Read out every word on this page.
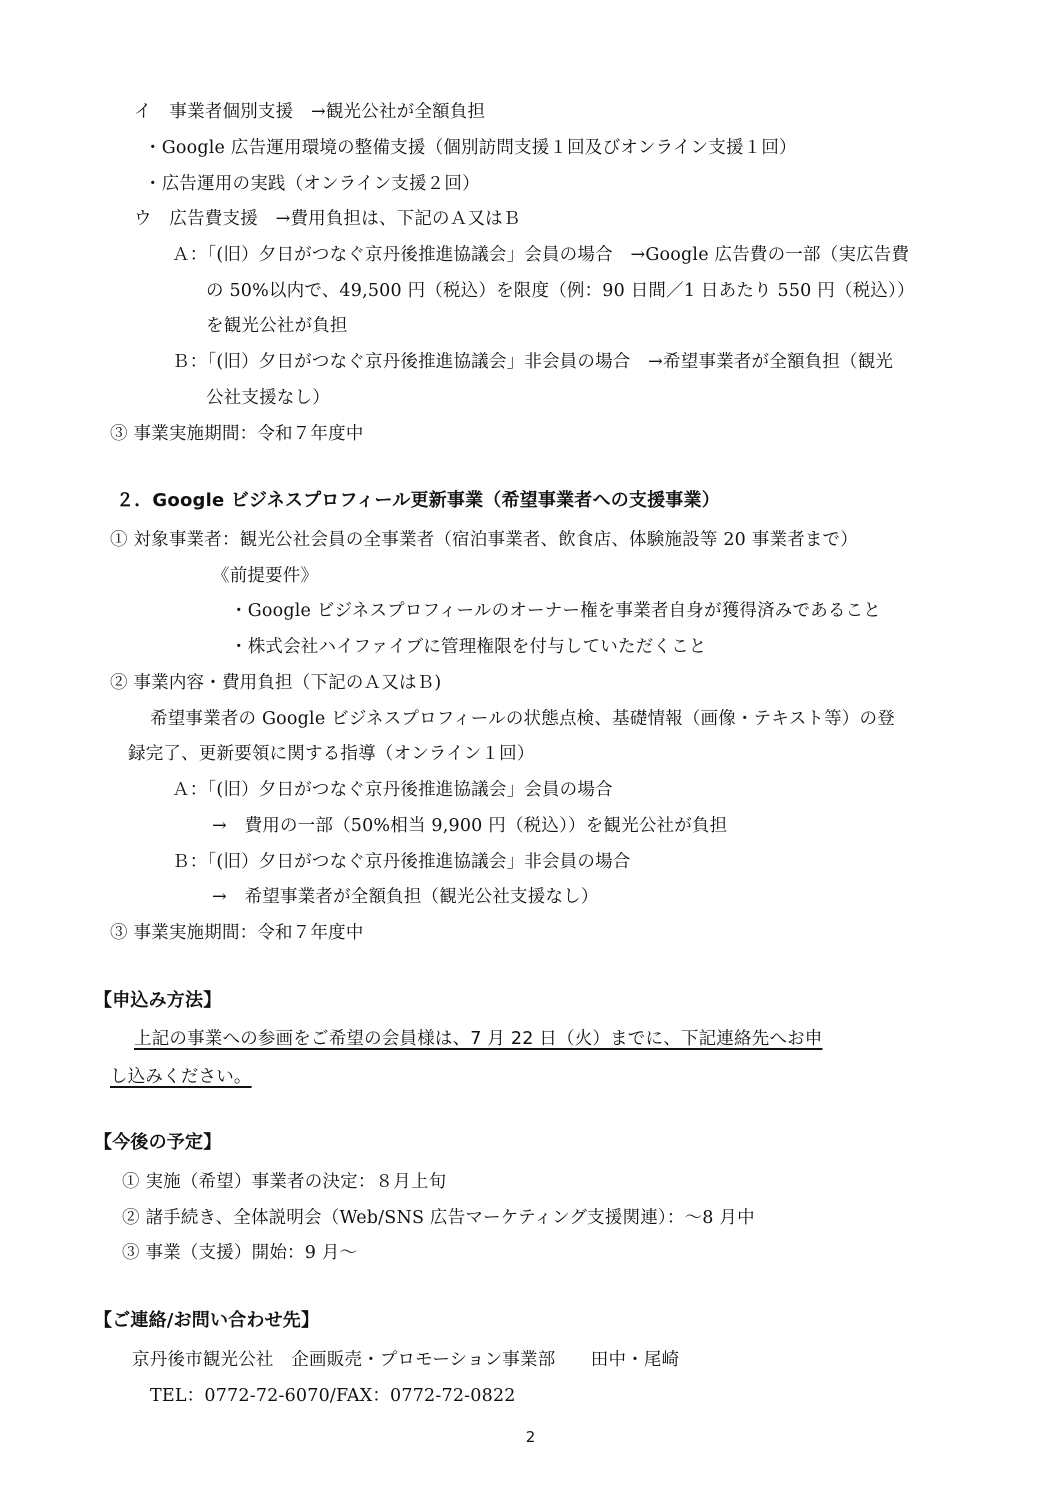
イ　事業者個別支援　→観光公社が全額負担
・Google 広告運用環境の整備支援（個別訪問支援１回及びオンライン支援１回）
・広告運用の実践（オンライン支援２回）
ウ　広告費支援　→費用負担は、下記のＡ又はＢ
Ａ：「(旧）夕日がつなぐ京丹後推進協議会」会員の場合　→Google 広告費の一部（実広告費
の 50%以内で、49,500 円（税込）を限度（例：90 日間／1 日あたり 550 円（税込））
を観光公社が負担
Ｂ：「(旧）夕日がつなぐ京丹後推進協議会」非会員の場合　→希望事業者が全額負担（観光
公社支援なし）
③ 事業実施期間：令和７年度中
２．Google ビジネスプロフィール更新事業（希望事業者への支援事業）
① 対象事業者：観光公社会員の全事業者（宿泊事業者、飲食店、体験施設等 20 事業者まで）
《前提要件》
・Google ビジネスプロフィールのオーナー権を事業者自身が獲得済みであること
・株式会社ハイファイブに管理権限を付与していただくこと
② 事業内容・費用負担（下記のＡ又はＢ)
希望事業者の Google ビジネスプロフィールの状態点検、基礎情報（画像・テキスト等）の登
録完了、更新要領に関する指導（オンライン１回）
Ａ：「(旧）夕日がつなぐ京丹後推進協議会」会員の場合
→　費用の一部（50%相当 9,900 円（税込））を観光公社が負担
Ｂ：「(旧）夕日がつなぐ京丹後推進協議会」非会員の場合
→　希望事業者が全額負担（観光公社支援なし）
③ 事業実施期間：令和７年度中
【申込み方法】
上記の事業への参画をご希望の会員様は、7 月 22 日（火）までに、下記連絡先へお申
し込みください。
【今後の予定】
① 実施（希望）事業者の決定：８月上旬
② 諸手続き、全体説明会（Web/SNS 広告マーケティング支援関連）：～8 月中
③ 事業（支援）開始：9 月～
【ご連絡/お問い合わせ先】
京丹後市観光公社　企画販売・プロモーション事業部　　田中・尾崎
TEL：0772-72-6070/FAX：0772-72-0822
2
